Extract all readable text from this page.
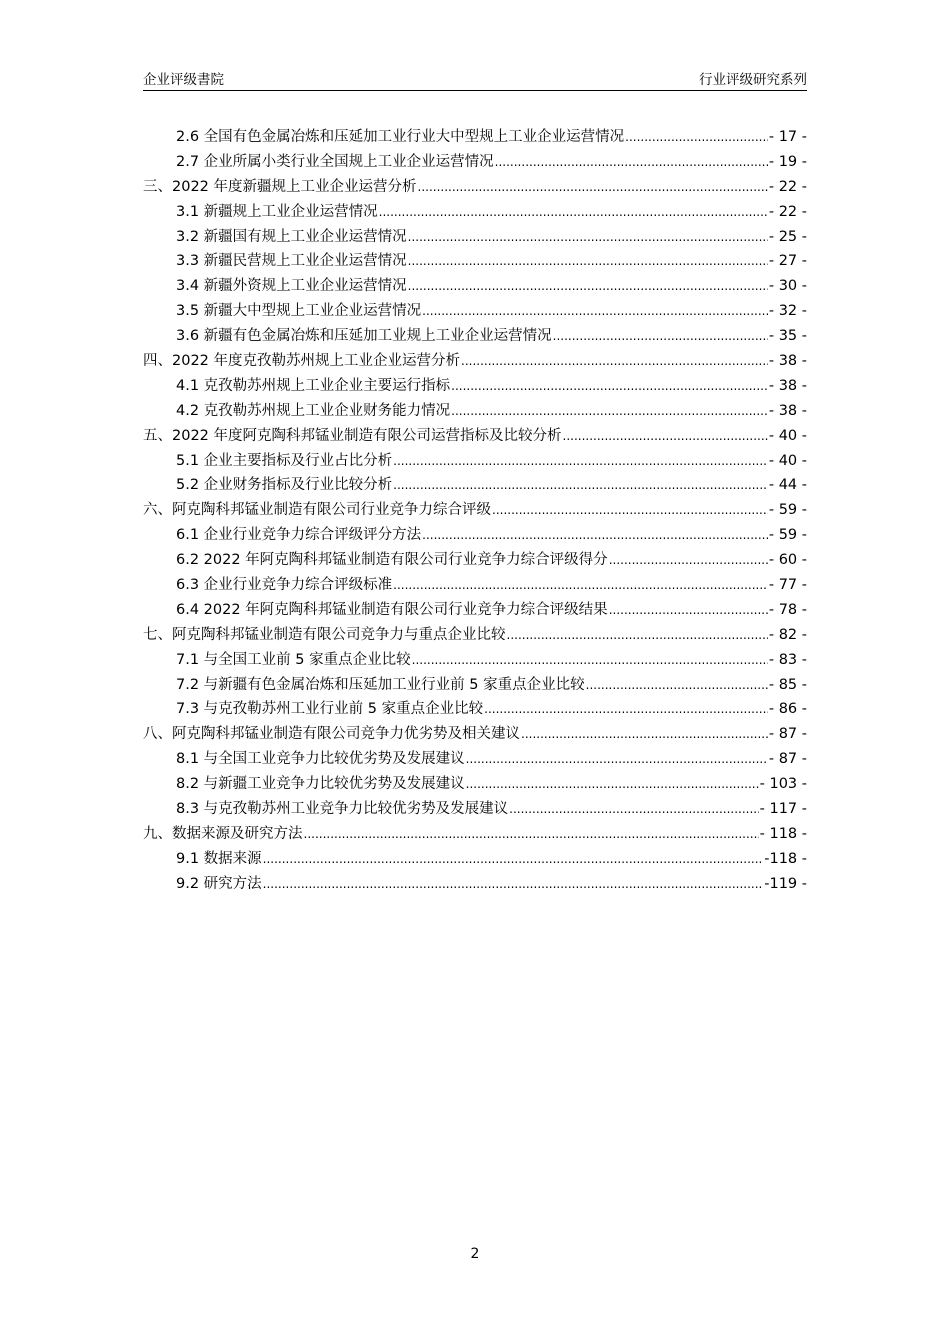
企业评级書院	行业评级研究系列
2.6 全国有色金属冶炼和压延加工业行业大中型规上工业企业运营情况 .....	- 17 -
2.7 企业所属小类行业全国规上工业企业运营情况 .....	- 19 -
三、2022 年度新疆规上工业企业运营分析 .....	- 22 -
3.1 新疆规上工业企业运营情况 .....	- 22 -
3.2 新疆国有规上工业企业运营情况 .....	- 25 -
3.3 新疆民营规上工业企业运营情况 .....	- 27 -
3.4 新疆外资规上工业企业运营情况 .....	- 30 -
3.5 新疆大中型规上工业企业运营情况 .....	- 32 -
3.6 新疆有色金属冶炼和压延加工业规上工业企业运营情况 .....	- 35 -
四、2022 年度克孜勒苏州规上工业企业运营分析 .....	- 38 -
4.1 克孜勒苏州规上工业企业主要运行指标 .....	- 38 -
4.2 克孜勒苏州规上工业企业财务能力情况 .....	- 38 -
五、2022 年度阿克陶科邦锰业制造有限公司运营指标及比较分析 .....	- 40 -
5.1 企业主要指标及行业占比分析 .....	- 40 -
5.2 企业财务指标及行业比较分析 .....	- 44 -
六、阿克陶科邦锰业制造有限公司行业竞争力综合评级 .....	- 59 -
6.1 企业行业竞争力综合评级评分方法 .....	- 59 -
6.2 2022 年阿克陶科邦锰业制造有限公司行业竞争力综合评级得分 .....	- 60 -
6.3 企业行业竞争力综合评级标准 .....	- 77 -
6.4 2022 年阿克陶科邦锰业制造有限公司行业竞争力综合评级结果 .....	- 78 -
七、阿克陶科邦锰业制造有限公司竞争力与重点企业比较 .....	- 82 -
7.1 与全国工业前 5 家重点企业比较 .....	- 83 -
7.2 与新疆有色金属冶炼和压延加工业行业前 5 家重点企业比较 .....	- 85 -
7.3 与克孜勒苏州工业行业前 5 家重点企业比较 .....	- 86 -
八、阿克陶科邦锰业制造有限公司竞争力优劣势及相关建议 .....	- 87 -
8.1 与全国工业竞争力比较优劣势及发展建议 .....	- 87 -
8.2 与新疆工业竞争力比较优劣势及发展建议 .....	- 103 -
8.3 与克孜勒苏州工业竞争力比较优劣势及发展建议 .....	- 117 -
九、数据来源及研究方法 .....	- 118 -
9.1 数据来源 .....	-118 -
9.2 研究方法 .....	-119 -
2
